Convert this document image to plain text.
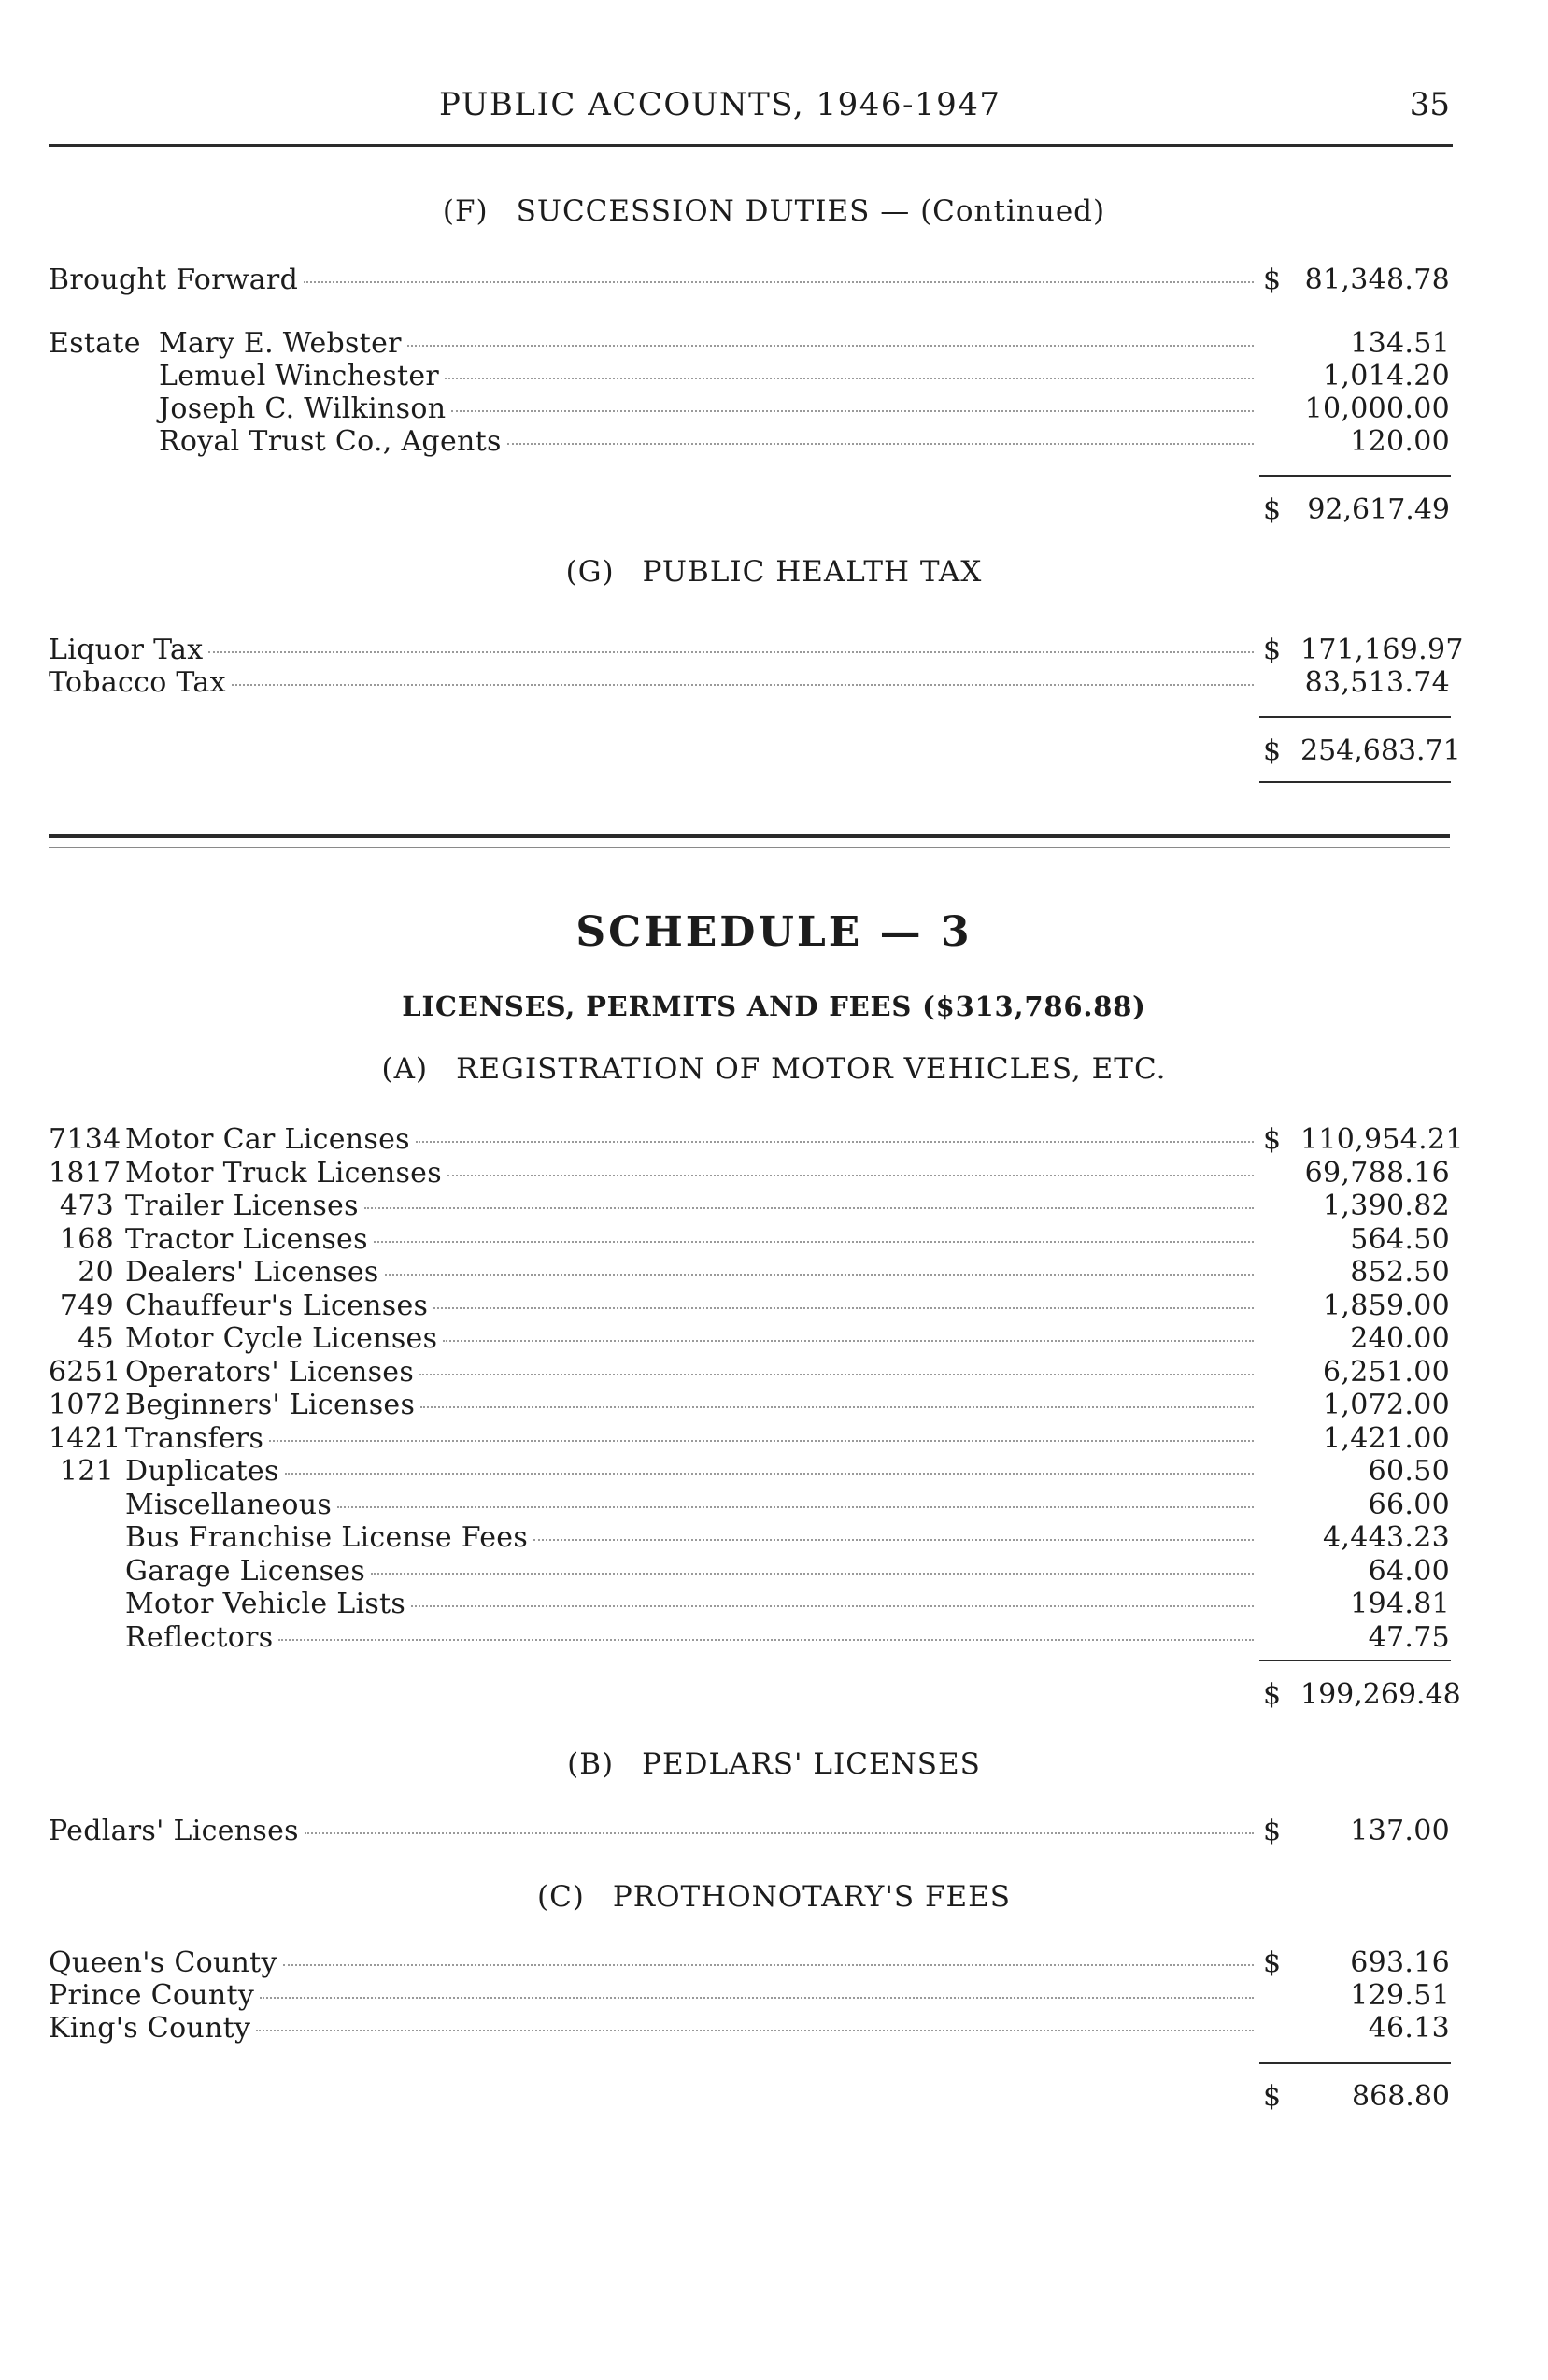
PUBLIC ACCOUNTS, 1946-1947	35
(F) SUCCESSION DUTIES — (Continued)
Brought Forward	$ 81,348.78
Estate Mary E. Webster	134.51
Lemuel Winchester	1,014.20
Joseph C. Wilkinson	10,000.00
Royal Trust Co., Agents	120.00
$ 92,617.49
(G) PUBLIC HEALTH TAX
Liquor Tax	$ 171,169.97
Tobacco Tax	83,513.74
$ 254,683.71
SCHEDULE — 3
LICENSES, PERMITS AND FEES ($313,786.88)
(A) REGISTRATION OF MOTOR VEHICLES, ETC.
7134 Motor Car Licenses	$ 110,954.21
1817 Motor Truck Licenses	69,788.16
473 Trailer Licenses	1,390.82
168 Tractor Licenses	564.50
20 Dealers' Licenses	852.50
749 Chauffeur's Licenses	1,859.00
45 Motor Cycle Licenses	240.00
6251 Operators' Licenses	6,251.00
1072 Beginners' Licenses	1,072.00
1421 Transfers	1,421.00
121 Duplicates	60.50
Miscellaneous	66.00
Bus Franchise License Fees	4,443.23
Garage Licenses	64.00
Motor Vehicle Lists	194.81
Reflectors	47.75
$ 199,269.48
(B) PEDLARS' LICENSES
Pedlars' Licenses	$	137.00
(C) PROTHONOTARY'S FEES
Queen's County	$	693.16
Prince County	129.51
King's County	46.13
$	868.80
